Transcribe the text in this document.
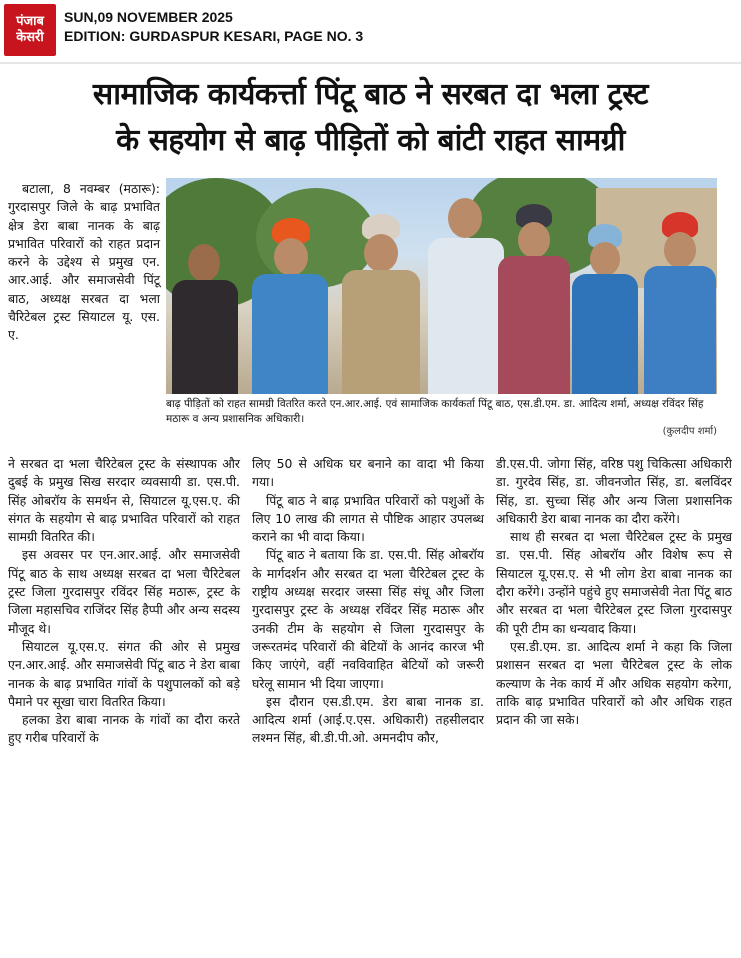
पंजाब
केसरी
SUN,09 NOVEMBER 2025
EDITION: GURDASPUR KESARI, PAGE NO. 3
सामाजिक कार्यकर्त्ता पिंटू बाठ ने सरबत दा भला ट्रस्ट
के सहयोग से बाढ़ पीड़ितों को बांटी राहत सामग्री

बटाला, 8 नवम्बर (मठारू): गुरदासपुर जिले के बाढ़ प्रभावित क्षेत्र डेरा बाबा नानक के बाढ़ प्रभावित परिवारों को राहत प्रदान करने के उद्देश्य से प्रमुख एन. आर.आई. और समाजसेवी पिंटू बाठ, अध्यक्ष सरबत दा भला चैरिटेबल ट्रस्ट सियाटल यू. एस. ए.

बाढ़ पीड़ितों को राहत सामग्री वितरित करते एन.आर.आई. एवं सामाजिक कार्यकर्ता पिंटू बाठ, एस.डी.एम. डा. आदित्य शर्मा, अध्यक्ष रविंदर सिंह मठारू व अन्य प्रशासनिक अधिकारी।
(कुलदीप शर्मा)

ने सरबत दा भला चैरिटेबल ट्रस्ट के संस्थापक और दुबई के प्रमुख सिख सरदार व्यवसायी डा. एस.पी. सिंह ओबरॉय के समर्थन से, सियाटल यू.एस.ए. की संगत के सहयोग से बाढ़ प्रभावित परिवारों को राहत सामग्री वितरित की।

इस अवसर पर एन.आर.आई. और समाजसेवी पिंटू बाठ के साथ अध्यक्ष सरबत दा भला चैरिटेबल ट्रस्ट जिला गुरदासपुर रविंदर सिंह मठारू, ट्रस्ट के जिला महासचिव राजिंदर सिंह हैप्पी और अन्य सदस्य मौजूद थे।

सियाटल यू.एस.ए. संगत की ओर से प्रमुख एन.आर.आई. और समाजसेवी पिंटू बाठ ने डेरा बाबा नानक के बाढ़ प्रभावित गांवों के पशुपालकों को बड़े पैमाने पर सूखा चारा वितरित किया।

हलका डेरा बाबा नानक के गांवों का दौरा करते हुए गरीब परिवारों के

लिए 50 से अधिक घर बनाने का वादा भी किया गया।

पिंटू बाठ ने बाढ़ प्रभावित परिवारों को पशुओं के लिए 10 लाख की लागत से पौष्टिक आहार उपलब्ध कराने का भी वादा किया।

पिंटू बाठ ने बताया कि डा. एस.पी. सिंह ओबरॉय के मार्गदर्शन और सरबत दा भला चैरिटेबल ट्रस्ट के राष्ट्रीय अध्यक्ष सरदार जस्सा सिंह संधू और जिला गुरदासपुर ट्रस्ट के अध्यक्ष रविंदर सिंह मठारू और उनकी टीम के सहयोग से जिला गुरदासपुर के जरूरतमंद परिवारों की बेटियों के आनंद कारज भी किए जाएंगे, वहीं नवविवाहित बेटियों को जरूरी घरेलू सामान भी दिया जाएगा।

इस दौरान एस.डी.एम. डेरा बाबा नानक डा. आदित्य शर्मा (आई.ए.एस. अधिकारी) तहसीलदार लश्मन सिंह, बी.डी.पी.ओ. अमनदीप कौर,

डी.एस.पी. जोगा सिंह, वरिष्ठ पशु चिकित्सा अधिकारी डा. गुरदेव सिंह, डा. जीवनजोत सिंह, डा. बलविंदर सिंह, डा. सुच्चा सिंह और अन्य जिला प्रशासनिक अधिकारी डेरा बाबा नानक का दौरा करेंगे।

साथ ही सरबत दा भला चैरिटेबल ट्रस्ट के प्रमुख डा. एस.पी. सिंह ओबरॉय और विशेष रूप से सियाटल यू.एस.ए. से भी लोग डेरा बाबा नानक का दौरा करेंगे। उन्होंने पहुंचे हुए समाजसेवी नेता पिंटू बाठ और सरबत दा भला चैरिटेबल ट्रस्ट जिला गुरदासपुर की पूरी टीम का धन्यवाद किया।

एस.डी.एम. डा. आदित्य शर्मा ने कहा कि जिला प्रशासन सरबत दा भला चैरिटेबल ट्रस्ट के लोक कल्याण के नेक कार्य में और अधिक सहयोग करेगा, ताकि बाढ़ प्रभावित परिवारों को और अधिक राहत प्रदान की जा सके।
